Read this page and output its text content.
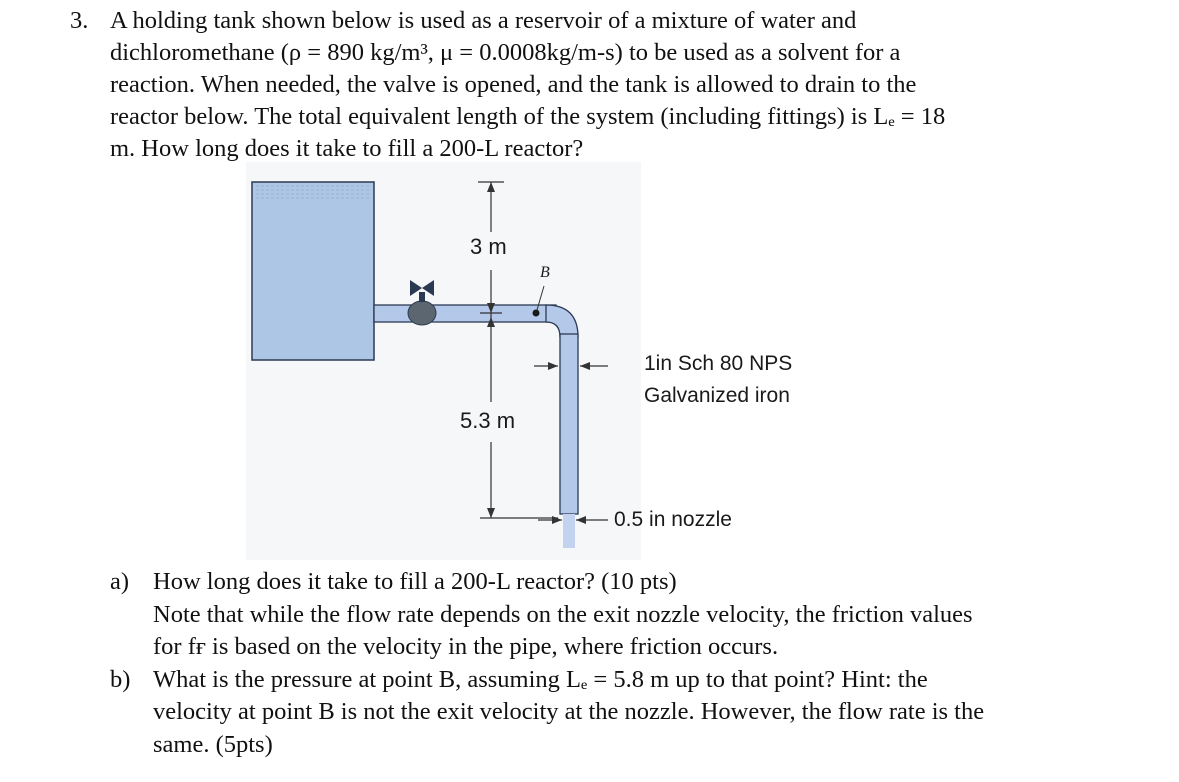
3. A holding tank shown below is used as a reservoir of a mixture of water and
dichloromethane (ρ = 890 kg/m³, μ = 0.0008kg/m-s) to be used as a solvent for a
reaction. When needed, the valve is opened, and the tank is allowed to drain to the
reactor below. The total equivalent length of the system (including fittings) is Lₑ = 18
m. How long does it take to fill a 200-L reactor?
3 m
B
5.3 m
1in Sch 80 NPS
Galvanized iron
0.5 in nozzle
a) How long does it take to fill a 200-L reactor? (10 pts)
Note that while the flow rate depends on the exit nozzle velocity, the friction values
for fғ is based on the velocity in the pipe, where friction occurs.
b) What is the pressure at point B, assuming Lₑ = 5.8 m up to that point? Hint: the
velocity at point B is not the exit velocity at the nozzle. However, the flow rate is the
same. (5pts)
